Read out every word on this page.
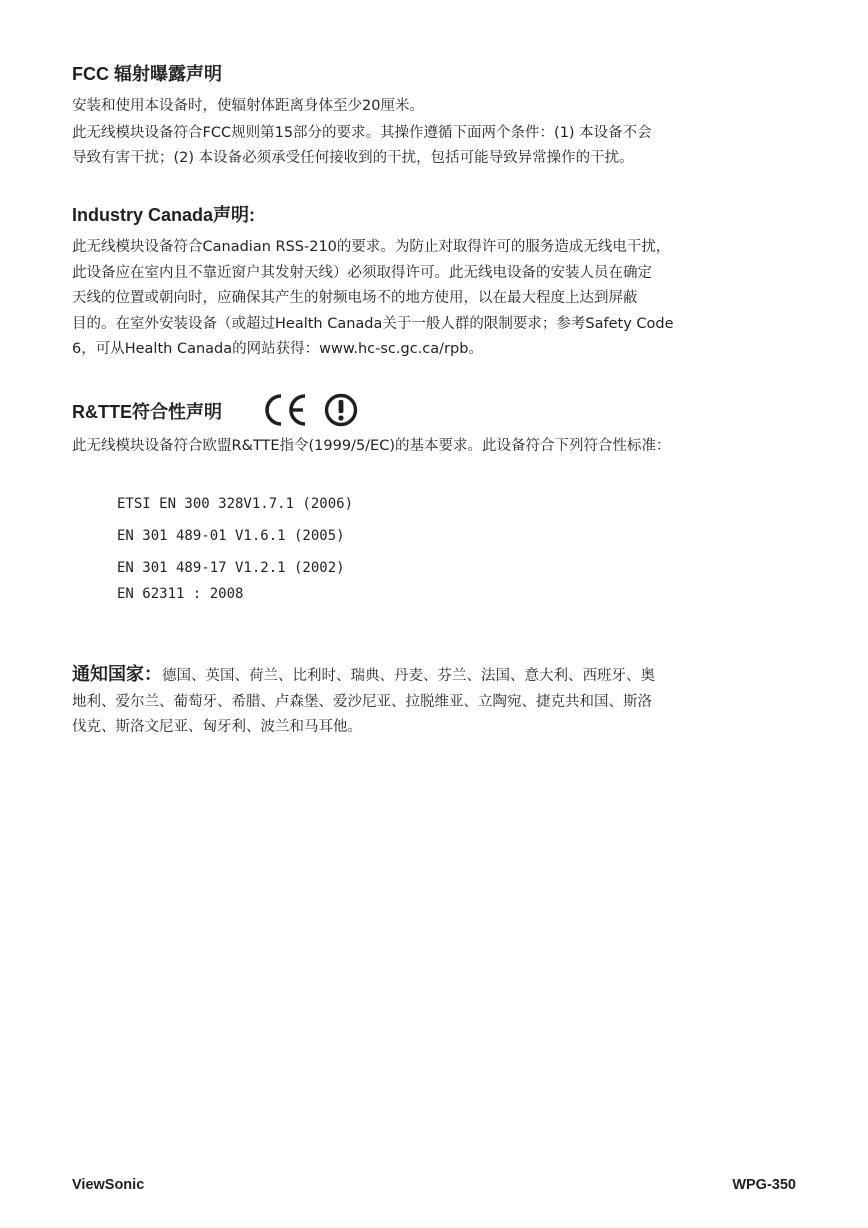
FCC 辐射曝露声明
安装和使用本设备时，使辐射体距离身体至少20厘米。
此无线模块设备符合FCC规则第15部分的要求。其操作遵循下面两个条件：(1) 本设备不会
导致有害干扰；(2) 本设备必须承受任何接收到的干扰，包括可能导致异常操作的干扰。
Industry Canada声明:
此无线模块设备符合Canadian RSS-210的要求。为防止对取得许可的服务造成无线电干扰，
此设备应在室内且不靠近窗户其发射天线）必须取得许可。此无线电设备的安装人员在确定
天线的位置或朝向时，应确保其产生的射频电场不的地方使用，以在最大程度上达到屏蔽
目的。在室外安装设备（或超过Health Canada关于一般人群的限制要求；参考Safety Code
6，可从Health Canada的网站获得：www.hc-sc.gc.ca/rpb。
R&TTE符合性声明
此无线模块设备符合欧盟R&TTE指令(1999/5/EC)的基本要求。此设备符合下列符合性标准：
ETSI EN 300 328V1.7.1 (2006)
EN 301 489-01 V1.6.1 (2005)
EN 301 489-17 V1.2.1 (2002)
EN 62311 : 2008
通知国家：德国、英国、荷兰、比利时、瑞典、丹麦、芬兰、法国、意大利、西班牙、奥
地利、爱尔兰、葡萄牙、希腊、卢森堡、爱沙尼亚、拉脱维亚、立陶宛、捷克共和国、斯洛
伐克、斯洛文尼亚、匈牙利、波兰和马耳他。
ViewSonic	WPG-350
